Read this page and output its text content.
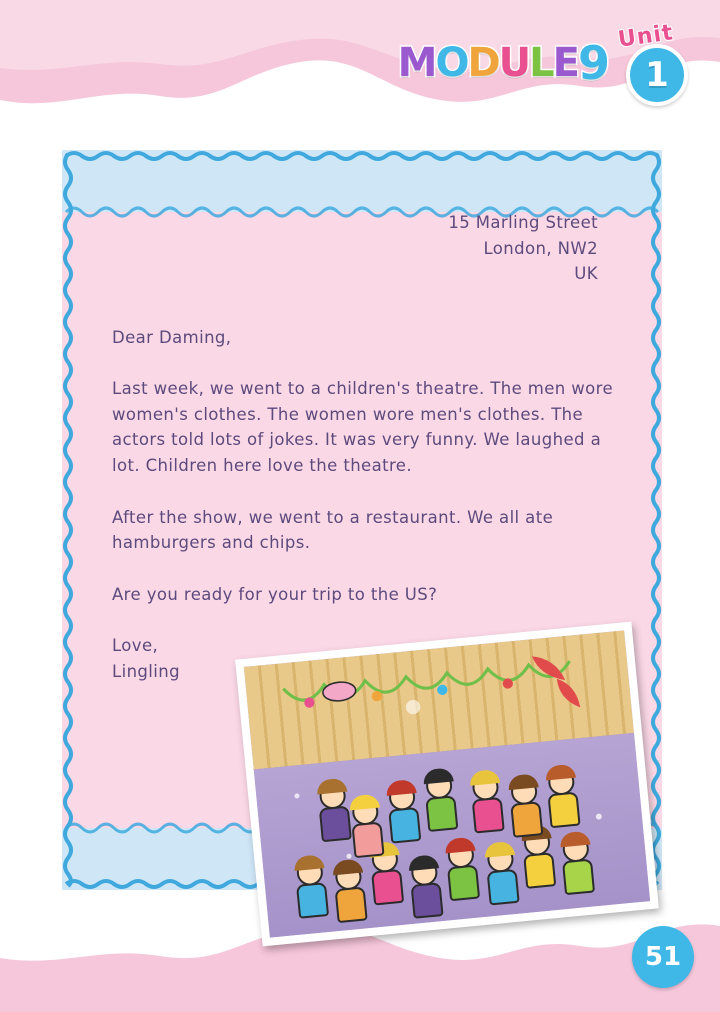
M O D U L E 9 Unit
1
15 Marling Street
London, NW2
UK
Dear Daming,
Last week, we went to a children's theatre. The men wore women's clothes. The women wore men's clothes. The actors told lots of jokes. It was very funny. We laughed a lot. Children here love the theatre.
After the show, we went to a restaurant. We all ate hamburgers and chips.
Are you ready for your trip to the US?
Love,
Lingling
51
